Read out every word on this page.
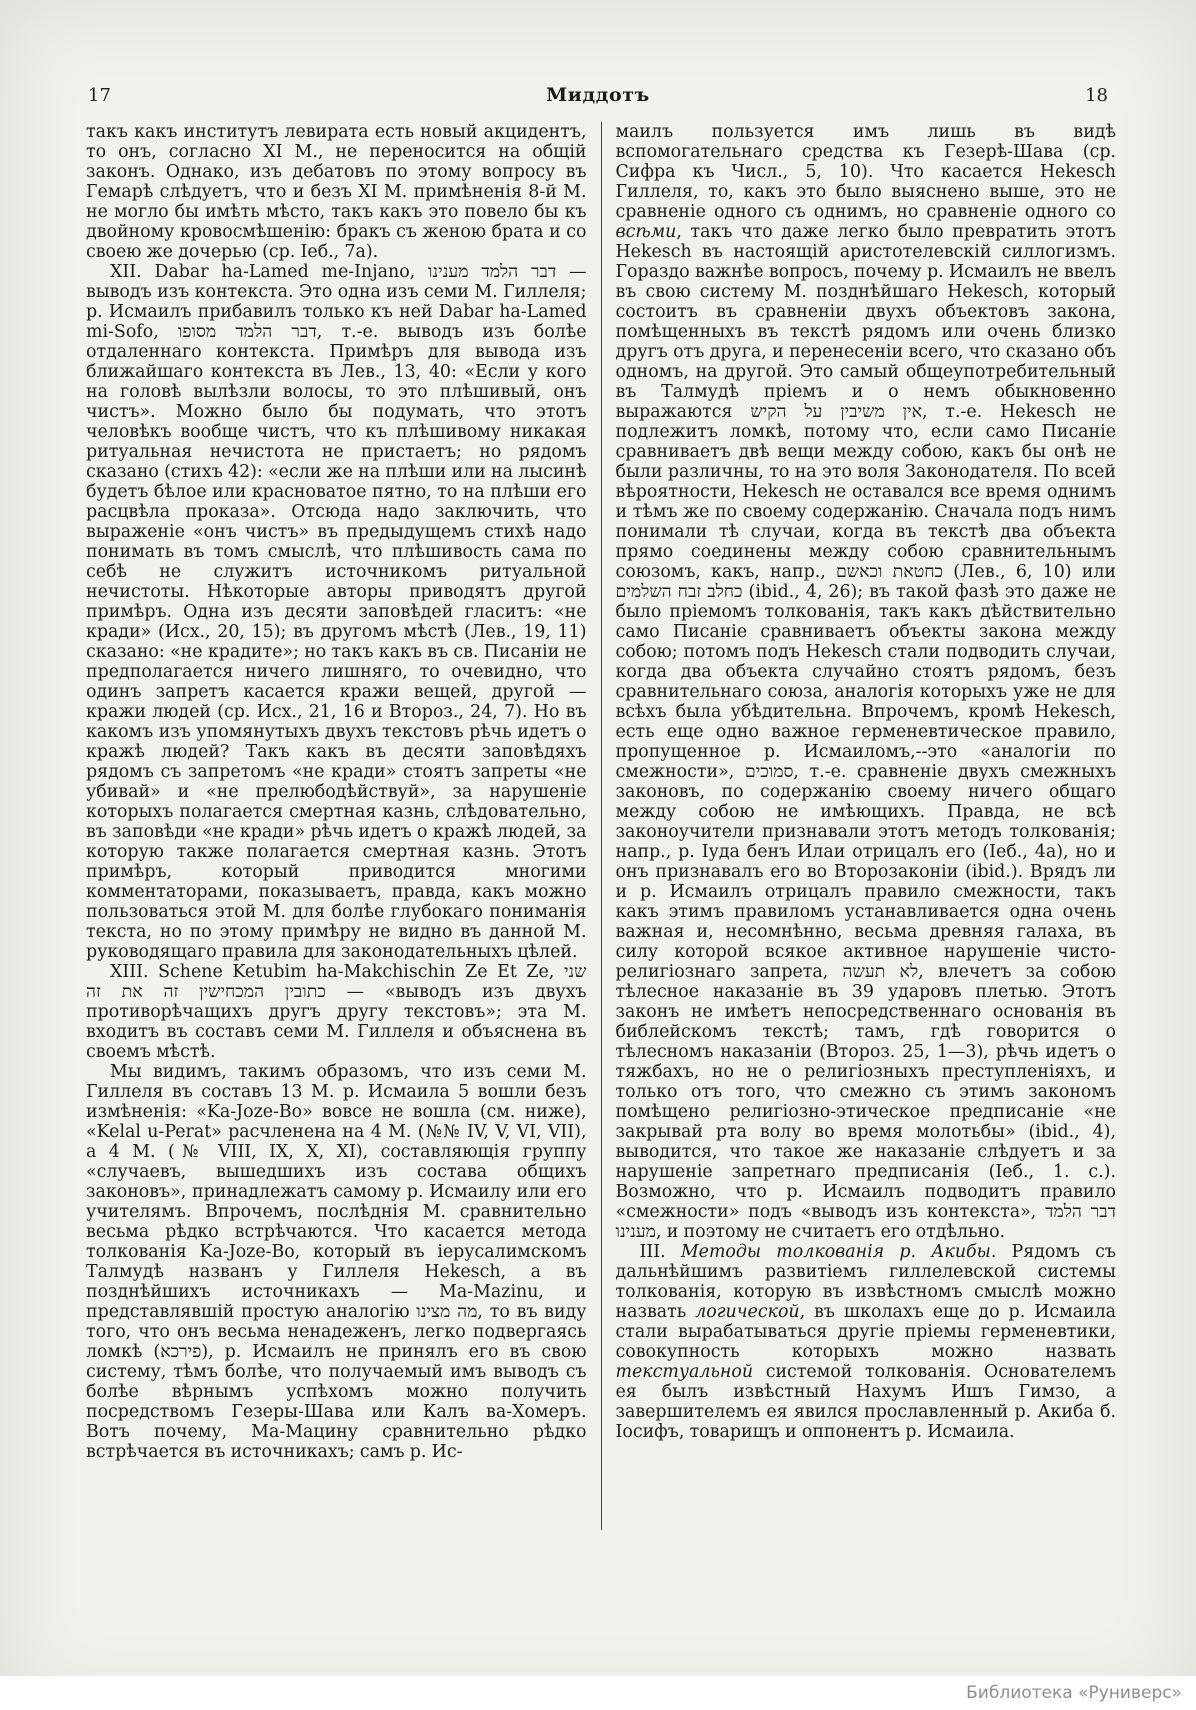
17	Миддотъ	18

такъ какъ институтъ левирата есть новый акцидентъ, то онъ, согласно XI М., не переносится на общій законъ. Однако, изъ дебатовъ по этому вопросу въ Гемарѣ слѣдуетъ, что и безъ XI М. примѣненія 8-й М. не могло бы имѣть мѣсто, такъ какъ это повело бы къ двойному кровосмѣшенію: бракъ съ женою брата и со своею же дочерью (ср. Іеб., 7а).

XII. Dabar ha-Lamed me-Injano, דבר הלמד מענינו — выводъ изъ контекста. Это одна изъ семи М. Гиллеля; р. Исмаилъ прибавилъ только къ ней Dabar ha-Lamed mi-Sofo, דבר הלמד מסופו, т.-е. выводъ изъ болѣе отдаленнаго контекста. Примѣръ для вывода изъ ближайшаго контекста въ Лев., 13, 40: «Если у кого на головѣ вылѣзли волосы, то это плѣшивый, онъ чистъ». Можно было бы подумать, что этотъ человѣкъ вообще чистъ, что къ плѣшивому никакая ритуальная нечистота не пристаетъ; но рядомъ сказано (стихъ 42): «если же на плѣши или на лысинѣ будетъ бѣлое или красноватое пятно, то на плѣши его расцвѣла проказа». Отсюда надо заключить, что выраженіе «онъ чистъ» въ предыдущемъ стихѣ надо понимать въ томъ смыслѣ, что плѣшивость сама по себѣ не служитъ источникомъ ритуальной нечистоты. Нѣкоторые авторы приводятъ другой примѣръ. Одна изъ десяти заповѣдей гласитъ: «не кради» (Исх., 20, 15); въ другомъ мѣстѣ (Лев., 19, 11) сказано: «не крадите»; но такъ какъ въ св. Писаніи не предполагается ничего лишняго, то очевидно, что одинъ запретъ касается кражи вещей, другой — кражи людей (ср. Исх., 21, 16 и Второз., 24, 7). Но въ какомъ изъ упомянутыхъ двухъ текстовъ рѣчь идетъ о кражѣ людей? Такъ какъ въ десяти заповѣдяхъ рядомъ съ запретомъ «не кради» стоятъ запреты «не убивай» и «не прелюбодѣйствуй», за нарушеніе которыхъ полагается смертная казнь, слѣдовательно, въ заповѣди «не кради» рѣчь идетъ о кражѣ людей, за которую также полагается смертная казнь. Этотъ примѣръ, который приводится многими комментаторами, показываетъ, правда, какъ можно пользоваться этой М. для болѣе глубокаго пониманія текста, но по этому примѣру не видно въ данной М. руководящаго правила для законодательныхъ цѣлей.

XIII. Schene Ketubim ha-Makchischin Ze Et Ze, שני כתובין המכחישין זה את זה — «выводъ изъ двухъ противорѣчащихъ другъ другу текстовъ»; эта М. входитъ въ составъ семи М. Гиллеля и объяснена въ своемъ мѣстѣ.

Мы видимъ, такимъ образомъ, что изъ семи М. Гиллеля въ составъ 13 М. р. Исмаила 5 вошли безъ измѣненія: «Ka-Joze-Bo» вовсе не вошла (см. ниже), «Kelal u-Perat» расчленена на 4 М. (№№ IV, V, VI, VII), а 4 М. (№ VIII, IX, X, XI), составляющія группу «случаевъ, вышедшихъ изъ состава общихъ законовъ», принадлежатъ самому р. Исмаилу или его учителямъ. Впрочемъ, послѣднія М. сравнительно весьма рѣдко встрѣчаются. Что касается метода толкованія Ka-Joze-Bo, который въ іерусалимскомъ Талмудѣ названъ у Гиллеля Hekesch, а въ позднѣйшихъ источникахъ — Ma-Mazinu, и представлявшій простую аналогію מה מצינו, то въ виду того, что онъ весьма ненадеженъ, легко подвергаясь ломкѣ (פירכא), р. Исмаилъ не принялъ его въ свою систему, тѣмъ болѣе, что получаемый имъ выводъ съ болѣе вѣрнымъ успѣхомъ можно получить посредствомъ Гезеры-Шава или Калъ ва-Хомеръ. Вотъ почему, Ма-Мацину сравнительно рѣдко встрѣчается въ источникахъ; самъ р. Ис-

маилъ пользуется имъ лишь въ видѣ вспомогательнаго средства къ Гезерѣ-Шава (ср. Сифра къ Числ., 5, 10). Что касается Hekesch Гиллеля, то, какъ это было выяснено выше, это не сравненіе одного съ однимъ, но сравненіе одного со всѣми, такъ что даже легко было превратить этотъ Hekesch въ настоящій аристотелевскій силлогизмъ. Гораздо важнѣе вопросъ, почему р. Исмаилъ не ввелъ въ свою систему М. позднѣйшаго Hekesch, который состоитъ въ сравненіи двухъ объектовъ закона, помѣщенныхъ въ текстѣ рядомъ или очень близко другъ отъ друга, и перенесеніи всего, что сказано объ одномъ, на другой. Это самый общеупотребительный въ Талмудѣ пріемъ и о немъ обыкновенно выражаются אין משיבין על הקיש, т.-е. Hekesch не подлежитъ ломкѣ, потому что, если само Писаніе сравниваетъ двѣ вещи между собою, какъ бы онѣ не были различны, то на это воля Законодателя. По всей вѣроятности, Hekesch не оставался все время однимъ и тѣмъ же по своему содержанію. Сначала подъ нимъ понимали тѣ случаи, когда въ текстѣ два объекта прямо соединены между собою сравнительнымъ союзомъ, какъ, напр., כחטאת וכאשם (Лев., 6, 10) или כחלב זבח השלמים (ibid., 4, 26); въ такой фазѣ это даже не было пріемомъ толкованія, такъ какъ дѣйствительно само Писаніе сравниваетъ объекты закона между собою; потомъ подъ Hekesch стали подводить случаи, когда два объекта случайно стоятъ рядомъ, безъ сравнительнаго союза, аналогія которыхъ уже не для всѣхъ была убѣдительна. Впрочемъ, кромѣ Hekesch, есть еще одно важное герменевтическое правило, пропущенное р. Исмаиломъ,--это «аналогіи по смежности», סמוכים, т.-е. сравненіе двухъ смежныхъ законовъ, по содержанію своему ничего общаго между собою не имѣющихъ. Правда, не всѣ законоучители признавали этотъ методъ толкованія; напр., р. Іуда бенъ Илаи отрицалъ его (Іеб., 4а), но и онъ признавалъ его во Второзаконіи (ibid.). Врядъ ли и р. Исмаилъ отрицалъ правило смежности, такъ какъ этимъ правиломъ устанавливается одна очень важная и, несомнѣнно, весьма древняя галаха, въ силу которой всякое активное нарушеніе чисто-религіознаго запрета, לא תעשה, влечетъ за собою тѣлесное наказаніе въ 39 ударовъ плетью. Этотъ законъ не имѣетъ непосредственнаго основанія въ библейскомъ текстѣ; тамъ, гдѣ говорится о тѣлесномъ наказаніи (Второз. 25, 1—3), рѣчь идетъ о тяжбахъ, но не о религіозныхъ преступленіяхъ, и только отъ того, что смежно съ этимъ закономъ помѣщено религіозно-этическое предписаніе «не закрывай рта волу во время молотьбы» (ibid., 4), выводится, что такое же наказаніе слѣдуетъ и за нарушеніе запретнаго предписанія (Іеб., 1. с.). Возможно, что р. Исмаилъ подводитъ правило «смежности» подъ «выводъ изъ контекста», דבר הלמד מענינו, и поэтому не считаетъ его отдѣльно.

III. Методы толкованія р. Акибы. Рядомъ съ дальнѣйшимъ развитіемъ гиллелевской системы толкованія, которую въ извѣстномъ смыслѣ можно назвать логической, въ школахъ еще до р. Исмаила стали вырабатываться другіе пріемы герменевтики, совокупность которыхъ можно назвать текстуальной системой толкованія. Основателемъ ея былъ извѣстный Нахумъ Ишъ Гимзо, а завершителемъ ея явился прославленный р. Акиба б. Іосифъ, товарищъ и оппонентъ р. Исмаила.

Библиотека «Руниверс»
